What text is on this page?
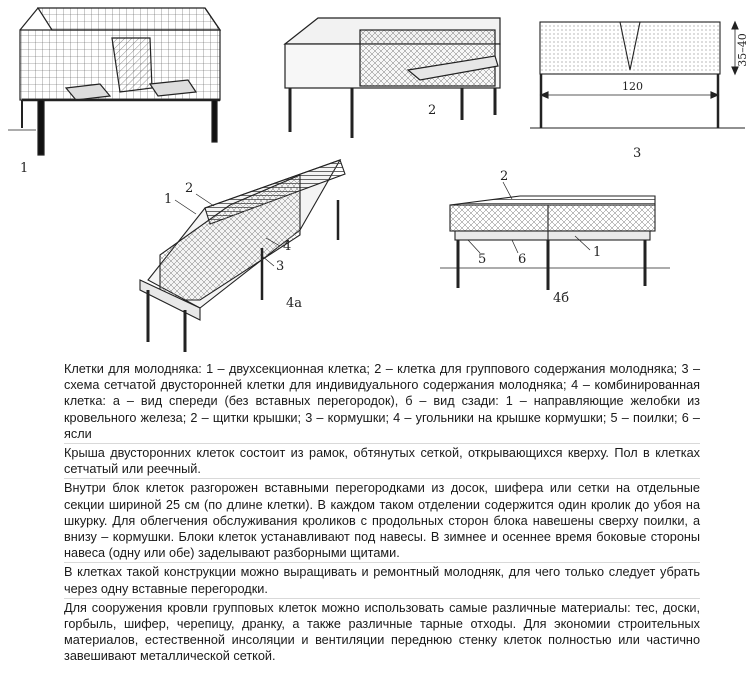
1
2
120
35–40
3
1
2
3
4
4а
1
2
5 6
4б

Клетки для молодняка: 1 – двухсекционная клетка; 2 – клетка для группового содержания молодняка; 3 – схема сетчатой двусторонней клетки для индивидуального содержания молодняка; 4 – комбинированная клетка: а – вид спереди (без вставных перегородок), б – вид сзади: 1 – направляющие желобки из кровельного железа; 2 – щитки крышки; 3 – кормушки; 4 – угольники на крышке кормушки; 5 – поилки; 6 – ясли

Крыша двусторонних клеток состоит из рамок, обтянутых сеткой, открывающихся кверху. Пол в клетках сетчатый или реечный.

Внутри блок клеток разгорожен вставными перегородками из досок, шифера или сетки на отдельные секции шириной 25 см (по длине клетки). В каждом таком отделении содержится один кролик до убоя на шкурку. Для облегчения обслуживания кроликов с продольных сторон блока навешены сверху поилки, а внизу – кормушки. Блоки клеток устанавливают под навесы. В зимнее и осеннее время боковые стороны навеса (одну или обе) заделывают разборными щитами.

В клетках такой конструкции можно выращивать и ремонтный молодняк, для чего только следует убрать через одну вставные перегородки.

Для сооружения кровли групповых клеток можно использовать самые различные материалы: тес, доски, горбыль, шифер, черепицу, дранку, а также различные тарные отходы. Для экономии строительных материалов, естественной инсоляции и вентиляции переднюю стенку клеток полностью или частично завешивают металлической сеткой.
